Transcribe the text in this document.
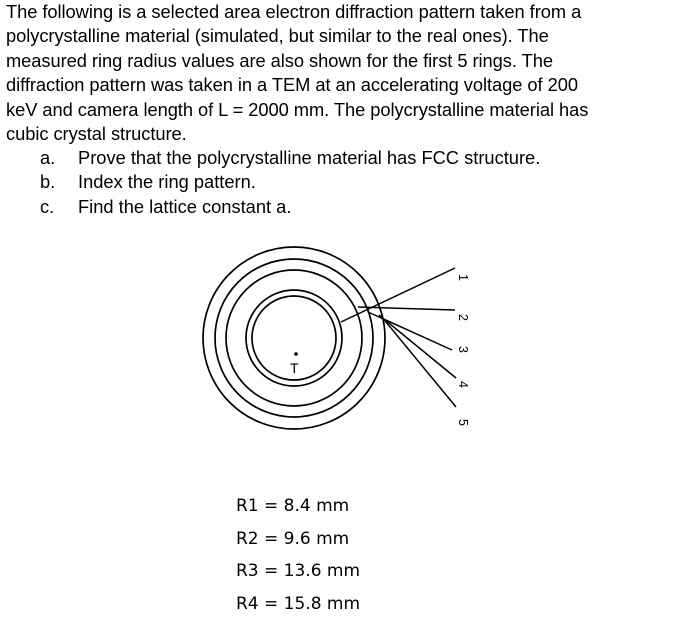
The following is a selected area electron diffraction pattern taken from a
polycrystalline material (simulated, but similar to the real ones). The
measured ring radius values are also shown for the first 5 rings. The
diffraction pattern was taken in a TEM at an accelerating voltage of 200
keV and camera length of L = 2000 mm. The polycrystalline material has
cubic crystal structure.
a.	Prove that the polycrystalline material has FCC structure.
b.	Index the ring pattern.
c.	Find the lattice constant a.
1
2
3
4
5
T
R1 = 8.4 mm
R2 = 9.6 mm
R3 = 13.6 mm
R4 = 15.8 mm
